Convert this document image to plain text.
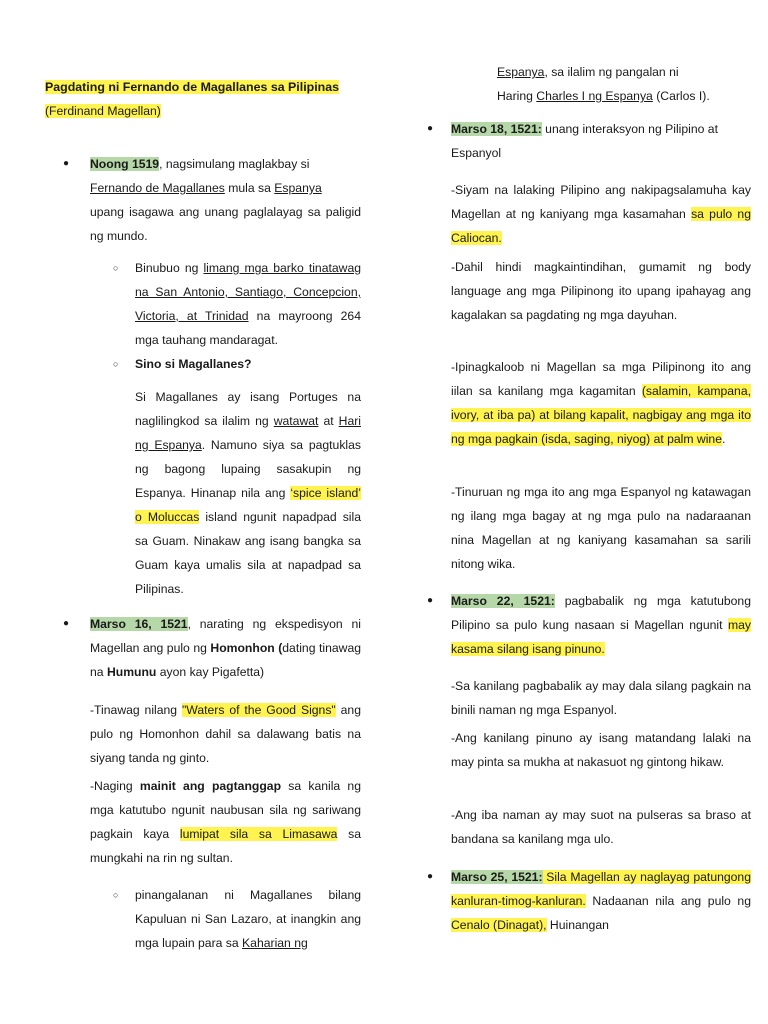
Pagdating ni Fernando de Magallanes sa Pilipinas
(Ferdinand Magellan)
● Noong 1519, nagsimulang maglakbay si
Fernando de Magallanes mula sa Espanya
upang isagawa ang unang paglalayag sa paligid ng mundo.
○ Binubuo ng limang mga barko tinatawag na San Antonio, Santiago, Concepcion, Victoria, at Trinidad na mayroong 264 mga tauhang mandaragat.
○ Sino si Magallanes?
Si Magallanes ay isang Portuges na naglilingkod sa ilalim ng watawat at Hari ng Espanya. Namuno siya sa pagtuklas ng bagong lupaing sasakupin ng Espanya. Hinanap nila ang ‘spice island’ o Moluccas island ngunit napadpad sila sa Guam. Ninakaw ang isang bangka sa Guam kaya umalis sila at napadpad sa Pilipinas.
● Marso 16, 1521, narating ng ekspedisyon ni Magellan ang pulo ng Homonhon (dating tinawag na Humunu ayon kay Pigafetta)
-Tinawag nilang "Waters of the Good Signs" ang pulo ng Homonhon dahil sa dalawang batis na siyang tanda ng ginto.
-Naging mainit ang pagtanggap sa kanila ng mga katutubo ngunit naubusan sila ng sariwang pagkain kaya lumipat sila sa Limasawa sa mungkahi na rin ng sultan.
○ pinangalanan ni Magallanes bilang Kapuluan ni San Lazaro, at inangkin ang mga lupain para sa Kaharian ng
Espanya, sa ilalim ng pangalan ni
Haring Charles I ng Espanya (Carlos I).
● Marso 18, 1521: unang interaksyon ng Pilipino at Espanyol
-Siyam na lalaking Pilipino ang nakipagsalamuha kay Magellan at ng kaniyang mga kasamahan sa pulo ng Caliocan.
-Dahil hindi magkaintindihan, gumamit ng body language ang mga Pilipinong ito upang ipahayag ang kagalakan sa pagdating ng mga dayuhan.
-Ipinagkaloob ni Magellan sa mga Pilipinong ito ang iilan sa kanilang mga kagamitan (salamin, kampana, ivory, at iba pa) at bilang kapalit, nagbigay ang mga ito ng mga pagkain (isda, saging, niyog) at palm wine.
-Tinuruan ng mga ito ang mga Espanyol ng katawagan ng ilang mga bagay at ng mga pulo na nadaraanan nina Magellan at ng kaniyang kasamahan sa sarili nitong wika.
● Marso 22, 1521: pagbabalik ng mga katutubong Pilipino sa pulo kung nasaan si Magellan ngunit may kasama silang isang pinuno.
-Sa kanilang pagbabalik ay may dala silang pagkain na binili naman ng mga Espanyol.
-Ang kanilang pinuno ay isang matandang lalaki na may pinta sa mukha at nakasuot ng gintong hikaw.
-Ang iba naman ay may suot na pulseras sa braso at bandana sa kanilang mga ulo.
● Marso 25, 1521: Sila Magellan ay naglayag patungong kanluran-timog-kanluran. Nadaanan nila ang pulo ng Cenalo (Dinagat), Huinangan
